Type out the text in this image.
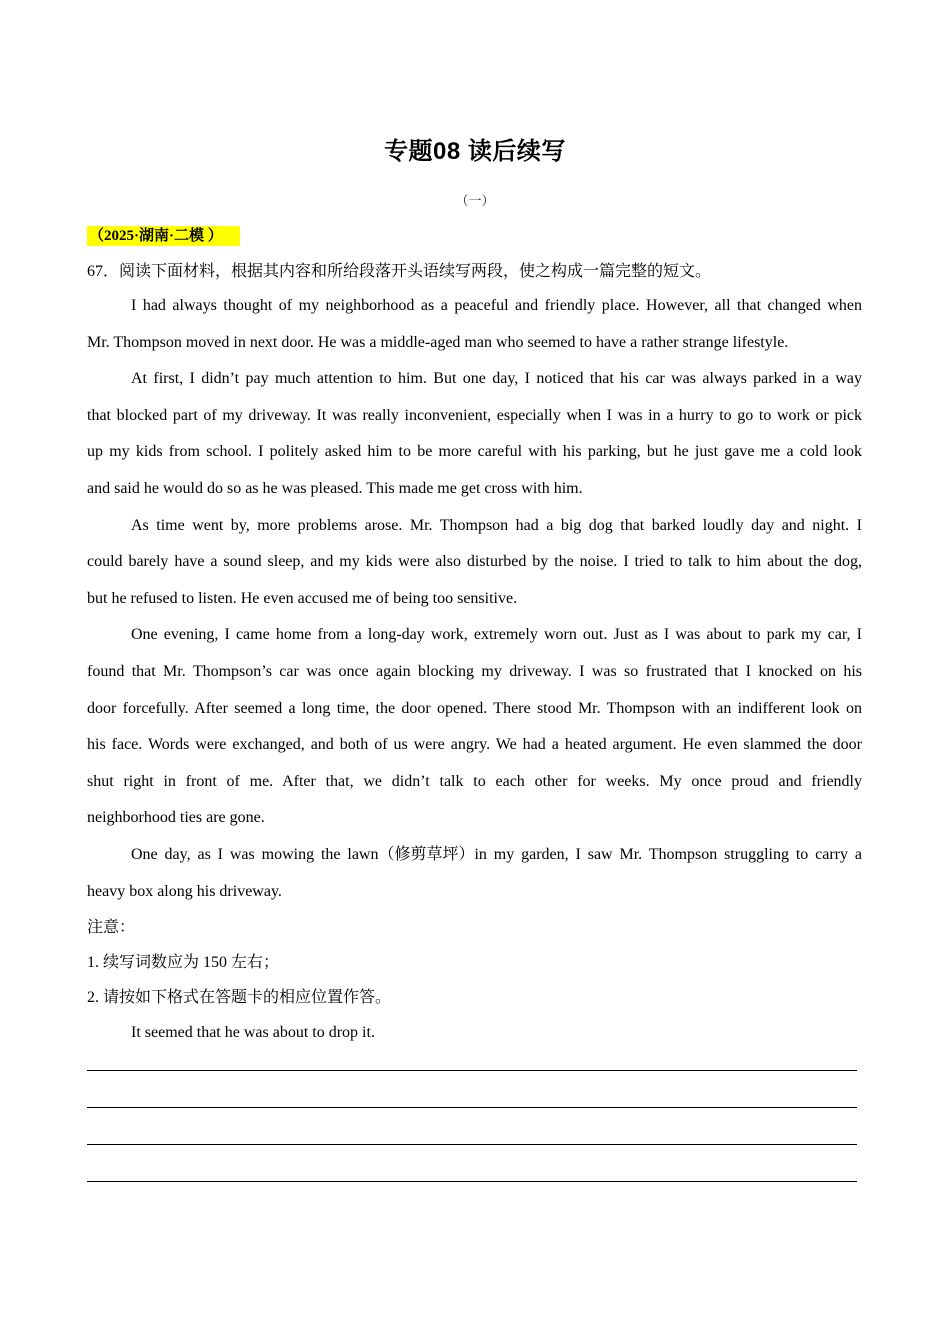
专题08 读后续写
（一）
（2025·湖南·二模 ）
67．阅读下面材料，根据其内容和所给段落开头语续写两段，使之构成一篇完整的短文。
I had always thought of my neighborhood as a peaceful and friendly place. However, all that changed when
Mr. Thompson moved in next door. He was a middle-aged man who seemed to have a rather strange lifestyle.
At first, I didn’t pay much attention to him. But one day, I noticed that his car was always parked in a way
that blocked part of my driveway. It was really inconvenient, especially when I was in a hurry to go to work or pick
up my kids from school. I politely asked him to be more careful with his parking, but he just gave me a cold look
and said he would do so as he was pleased. This made me get cross with him.
As time went by, more problems arose. Mr. Thompson had a big dog that barked loudly day and night. I
could barely have a sound sleep, and my kids were also disturbed by the noise. I tried to talk to him about the dog,
but he refused to listen. He even accused me of being too sensitive.
One evening, I came home from a long-day work, extremely worn out. Just as I was about to park my car, I
found that Mr. Thompson’s car was once again blocking my driveway. I was so frustrated that I knocked on his
door forcefully. After seemed a long time, the door opened. There stood Mr. Thompson with an indifferent look on
his face. Words were exchanged, and both of us were angry. We had a heated argument. He even slammed the door
shut right in front of me. After that, we didn’t talk to each other for weeks. My once proud and friendly
neighborhood ties are gone.
One day, as I was mowing the lawn（修剪草坪）in my garden, I saw Mr. Thompson struggling to carry a
heavy box along his driveway.
注意：
1. 续写词数应为 150 左右；
2. 请按如下格式在答题卡的相应位置作答。
It seemed that he was about to drop it.
